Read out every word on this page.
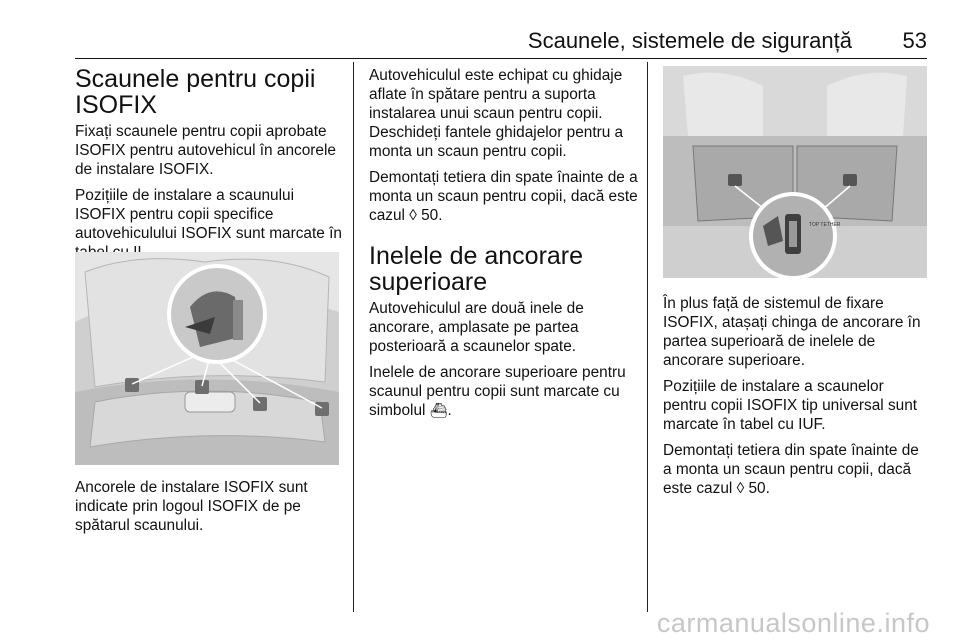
Scaunele, sistemele de siguranță 53
Scaunele pentru copii ISOFIX

Fixați scaunele pentru copii aprobate ISOFIX pentru autovehicul în ancorele de instalare ISOFIX.

Pozițiile de instalare a scaunului ISOFIX pentru copii specifice autovehiculului ISOFIX sunt marcate în

Ancorele de instalare ISOFIX sunt indicate prin logoul ISOFIX de pe spătarul scaunului.

Autovehiculul este echipat cu ghidaje aflate în spătare pentru a suporta instalarea unui scaun pentru copii. Deschideți fantele ghidajelor pentru a monta un scaun pentru copii.

Demontați tetiera din spate înainte de a monta un scaun pentru copii, dacă este cazul ◊ 50.

Inelele de ancorare superioare

Autovehiculul are două inele de ancorare, amplasate pe partea posterioară a scaunelor spate.

Inelele de ancorare superioare pentru scaunul pentru copii sunt marcate cu simbolul ⛴.

TOP TETHER

În plus față de sistemul de fixare ISOFIX, atașați chinga de ancorare în partea superioară de inelele de ancorare superioare.

Pozițiile de instalare a scaunelor pentru copii ISOFIX tip universal sunt marcate în tabel cu IUF.

Demontați tetiera din spate înainte de a monta un scaun pentru copii, dacă este cazul ◊ 50.

carmanualsonline.info
